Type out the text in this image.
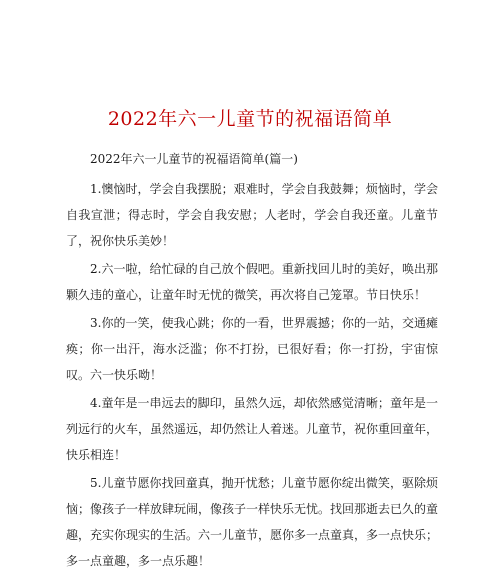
2022年六一儿童节的祝福语简单
2022年六一儿童节的祝福语简单(篇一)

1.懊恼时，学会自我摆脱；艰难时，学会自我鼓舞；烦恼时，学会自我宣泄；得志时，学会自我安慰；人老时，学会自我还童。儿童节了，祝你快乐美妙！

2.六一啦，给忙碌的自己放个假吧。重新找回儿时的美好，唤出那颗久违的童心，让童年时无忧的微笑，再次将自己笼罩。节日快乐！

3.你的一笑，使我心跳；你的一看，世界震撼；你的一站，交通瘫痪；你一出汗，海水泛滥；你不打扮，已很好看；你一打扮，宇宙惊叹。六一快乐呦！

4.童年是一串远去的脚印，虽然久远，却依然感觉清晰；童年是一列远行的火车，虽然遥远，却仍然让人着迷。儿童节，祝你重回童年，快乐相连！

5.儿童节愿你找回童真，抛开忧愁；儿童节愿你绽出微笑，驱除烦恼；像孩子一样放肆玩闹，像孩子一样快乐无忧。找回那逝去已久的童趣，充实你现实的生活。六一儿童节，愿你多一点童真，多一点快乐；多一点童趣，多一点乐趣！
